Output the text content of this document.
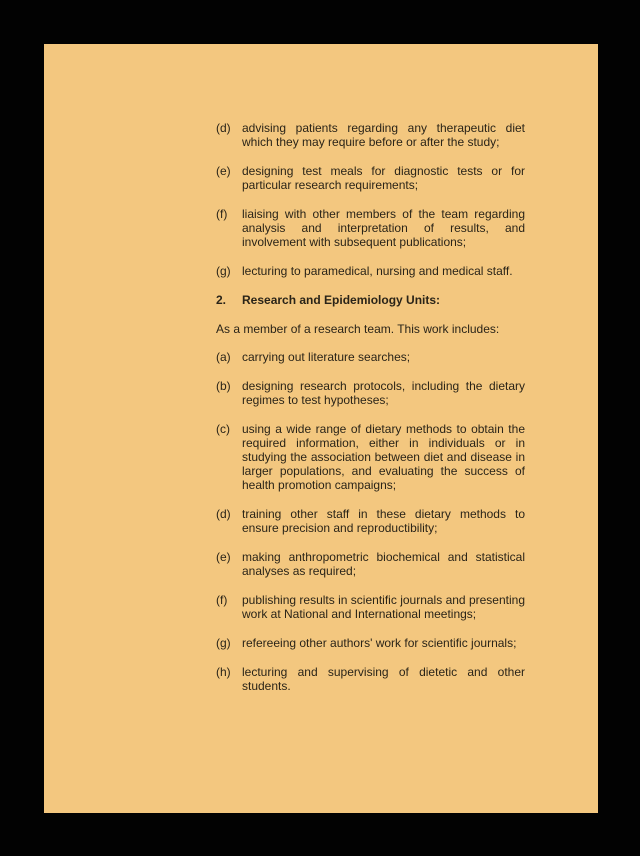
(d) advising patients regarding any therapeutic diet which they may require before or after the study;
(e) designing test meals for diagnostic tests or for particular research requirements;
(f)	liaising with other members of the team regarding analysis and interpretation of results, and involvement with subsequent publications;
(g) lecturing to paramedical, nursing and medical staff.
2.	Research and Epidemiology Units:
As a member of a research team. This work includes:
(a) carrying out literature searches;
(b) designing research protocols, including the dietary regimes to test hypotheses;
(c)	using a wide range of dietary methods to obtain the required information, either in individuals or in studying the association between diet and disease in larger populations, and evaluating the success of health promotion campaigns;
(d) training other staff in these dietary methods to ensure precision and reproductibility;
(e) making anthropometric biochemical and statistical analyses as required;
(f)	publishing results in scientific journals and presenting work at National and International meetings;
(g) refereeing other authors' work for scientific journals;
(h) lecturing and supervising of dietetic and other students.
